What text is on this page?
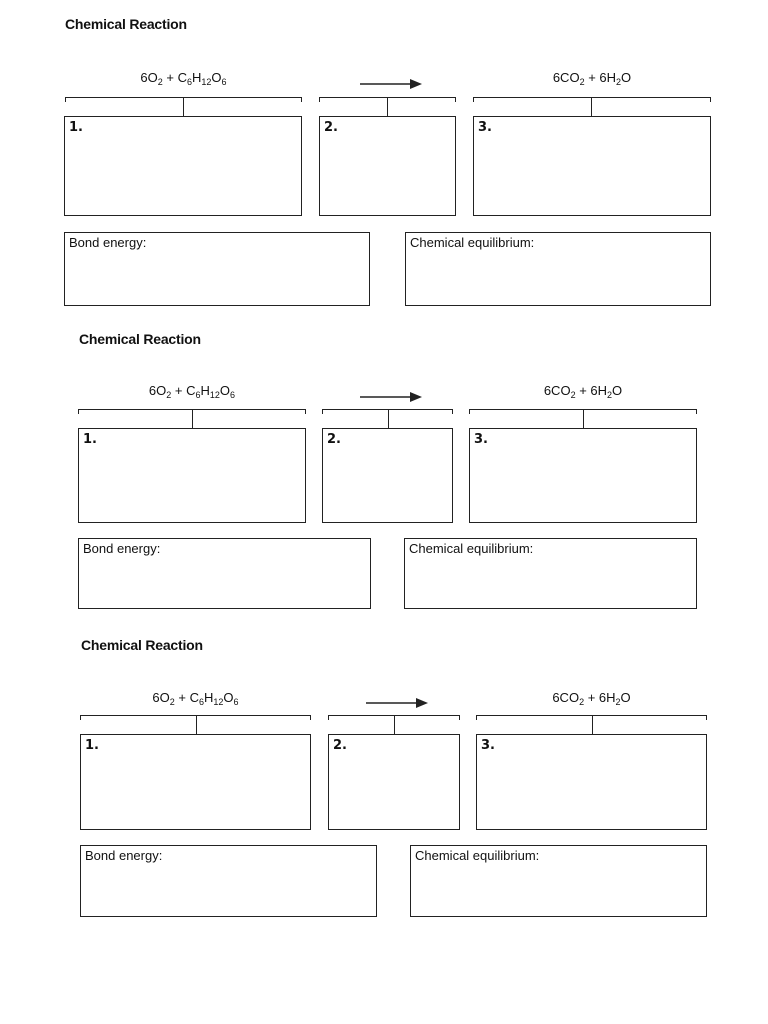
Chemical Reaction
$6O_2 + C_6H_{12}O_6$	$6CO_2 + 6H_2O$
1.	2.	3.
Bond energy:	Chemical equilibrium:
Chemical Reaction
$6O_2 + C_6H_{12}O_6$	$6CO_2 + 6H_2O$
1.	2.	3.
Bond energy:	Chemical equilibrium:
Chemical Reaction
$6O_2 + C_6H_{12}O_6$	$6CO_2 + 6H_2O$
1.	2.	3.
Bond energy:	Chemical equilibrium:
